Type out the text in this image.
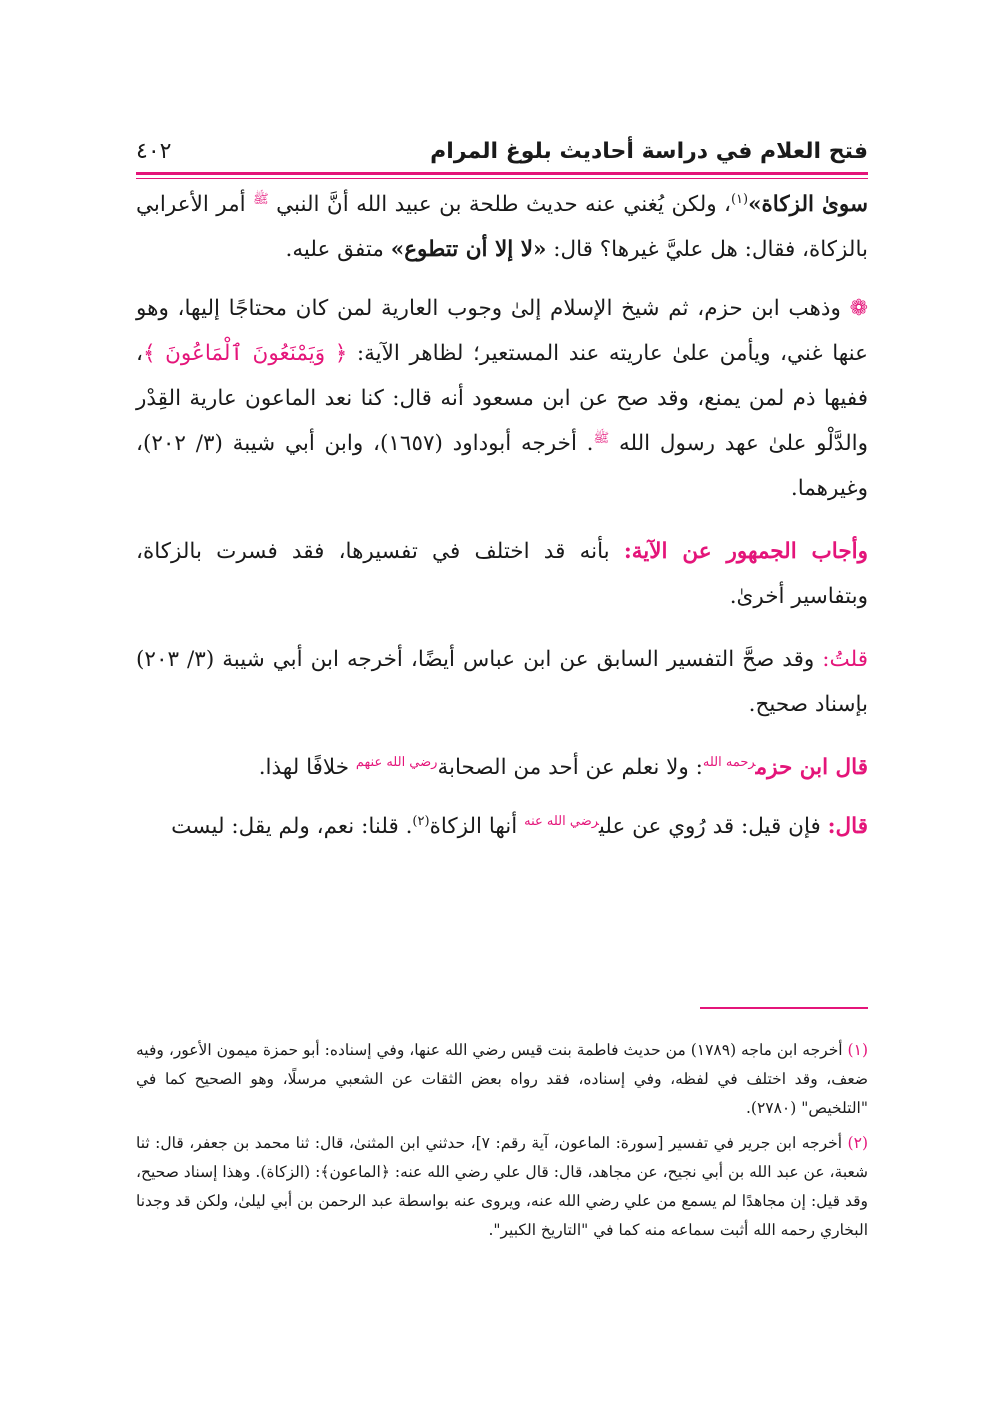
فتح العلام في دراسة أحاديث بلوغ المرام
٤٠٢

سوىٰ الزكاة»$^{(١)}$، ولكن يُغني عنه حديث طلحة بن عبيد الله أنَّ النبي $^ﷺ$ أمر الأعرابي بالزكاة، فقال: هل عليَّ غيرها؟ قال: «لا إلا أن تتطوع» متفق عليه.

❁ وذهب ابن حزم، ثم شيخ الإسلام إلىٰ وجوب العارية لمن كان محتاجًا إليها، وهو عنها غني، ويأمن علىٰ عاريته عند المستعير؛ لظاهر الآية: ﴿ وَيَمْنَعُونَ ٱلْمَاعُونَ ﴾، ففيها ذم لمن يمنع، وقد صح عن ابن مسعود أنه قال: كنا نعد الماعون عارية القِدْر والدَّلْو علىٰ عهد رسول الله $^ﷺ$. أخرجه أبوداود (١٦٥٧)، وابن أبي شيبة (٣/ ٢٠٢)، وغيرهما.

وأجاب الجمهور عن الآية: بأنه قد اختلف في تفسيرها، فقد فسرت بالزكاة، وبتفاسير أخرىٰ.

قلتُ: وقد صحَّ التفسير السابق عن ابن عباس أيضًا، أخرجه ابن أبي شيبة (٣/ ٢٠٣) بإسناد صحيح.

قال ابن حزم$^{رحمه الله}$: ولا نعلم عن أحد من الصحابة$^{رضي الله عنهم}$ خلافًا لهذا.

قال: فإن قيل: قد رُوي عن علي$^{رضي الله عنه}$ أنها الزكاة$^{(٢)}$. قلنا: نعم، ولم يقل: ليست

(١) أخرجه ابن ماجه (١٧٨٩) من حديث فاطمة بنت قيس رضي الله عنها، وفي إسناده: أبو حمزة ميمون الأعور، وفيه ضعف، وقد اختلف في لفظه، وفي إسناده، فقد رواه بعض الثقات عن الشعبي مرسلًا، وهو الصحيح كما في "التلخيص" (٢٧٨٠).

(٢) أخرجه ابن جرير في تفسير [سورة: الماعون، آية رقم: ٧]، حدثني ابن المثنىٰ، قال: ثنا محمد بن جعفر، قال: ثنا شعبة، عن عبد الله بن أبي نجيح، عن مجاهد، قال: قال علي رضي الله عنه: ﴿الماعون﴾: (الزكاة). وهذا إسناد صحيح، وقد قيل: إن مجاهدًا لم يسمع من علي رضي الله عنه، ويروى عنه بواسطة عبد الرحمن بن أبي ليلىٰ، ولكن قد وجدنا البخاري رحمه الله أثبت سماعه منه كما في "التاريخ الكبير".
